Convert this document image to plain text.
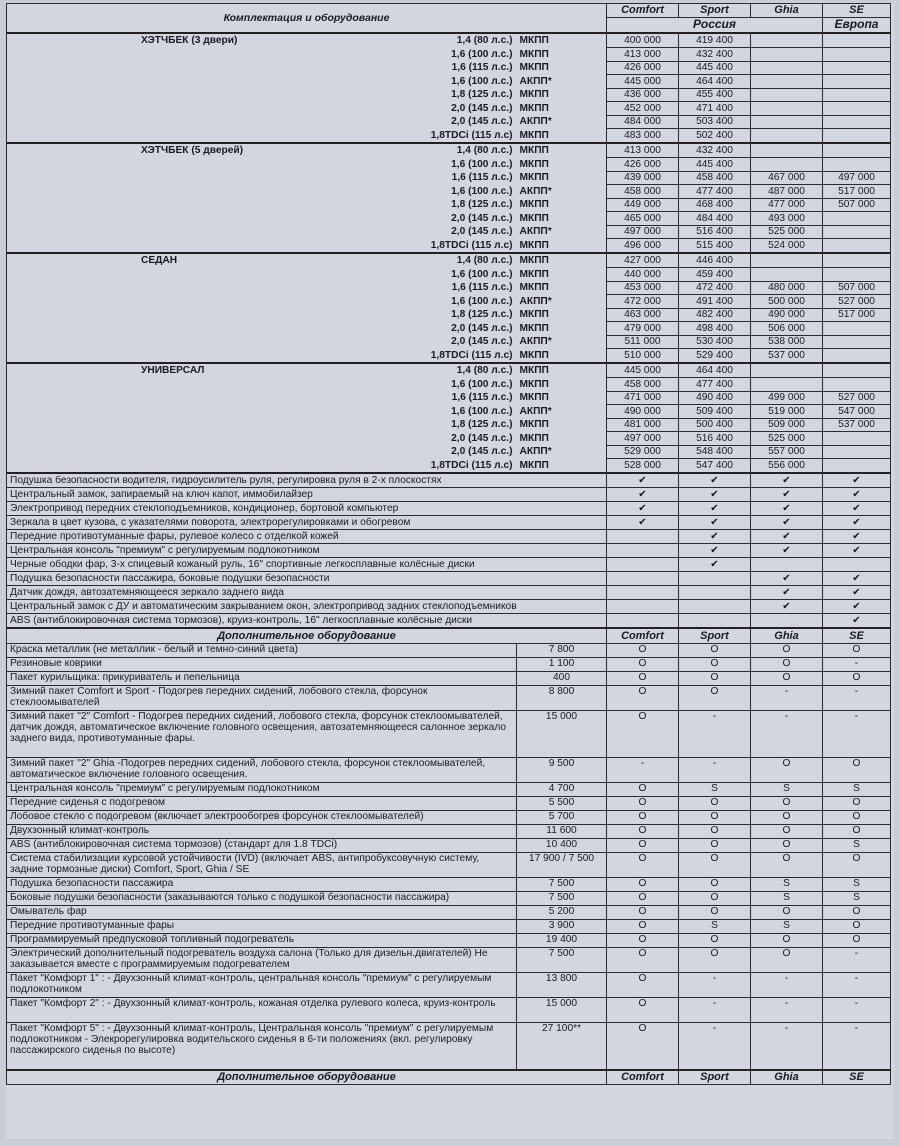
Комплектация и оборудование		Comfort	Sport	Ghia	SE
		Россия			Европа

ХЭТЧБЕК (3 двери) 1,4 (80 л.с.)	МКПП	400 000	419 400		

1,6 (100 л.с.)	МКПП	413 000	432 400		

1,6 (115 л.с.)	МКПП	426 000	445 400		

1,6 (100 л.с.)	АКПП*	445 000	464 400		

1,8 (125 л.с.)	МКПП	436 000	455 400		

2,0 (145 л.с.)	МКПП	452 000	471 400		

2,0 (145 л.с.)	АКПП*	484 000	503 400		

1,8TDCi (115 л.с)	МКПП	483 000	502 400		

ХЭТЧБЕК (5 дверей) 1,4 (80 л.с.)	МКПП	413 000	432 400		

1,6 (100 л.с.)	МКПП	426 000	445 400		

1,6 (115 л.с.)	МКПП	439 000	458 400	467 000	497 000

1,6 (100 л.с.)	АКПП*	458 000	477 400	487 000	517 000

1,8 (125 л.с.)	МКПП	449 000	468 400	477 000	507 000

2,0 (145 л.с.)	МКПП	465 000	484 400	493 000	

2,0 (145 л.с.)	АКПП*	497 000	516 400	525 000	

1,8TDCi (115 л.с)	МКПП	496 000	515 400	524 000	

СЕДАН 1,4 (80 л.с.)	МКПП	427 000	446 400		

1,6 (100 л.с.)	МКПП	440 000	459 400		

1,6 (115 л.с.)	МКПП	453 000	472 400	480 000	507 000

1,6 (100 л.с.)	АКПП*	472 000	491 400	500 000	527 000

1,8 (125 л.с.)	МКПП	463 000	482 400	490 000	517 000

2,0 (145 л.с.)	МКПП	479 000	498 400	506 000	

2,0 (145 л.с.)	АКПП*	511 000	530 400	538 000	

1,8TDCi (115 л.с)	МКПП	510 000	529 400	537 000	

УНИВЕРСАЛ 1,4 (80 л.с.)	МКПП	445 000	464 400		

1,6 (100 л.с.)	МКПП	458 000	477 400		

1,6 (115 л.с.)	МКПП	471 000	490 400	499 000	527 000

1,6 (100 л.с.)	АКПП*	490 000	509 400	519 000	547 000

1,8 (125 л.с.)	МКПП	481 000	500 400	509 000	537 000

2,0 (145 л.с.)	МКПП	497 000	516 400	525 000	

2,0 (145 л.с.)	АКПП*	529 000	548 400	557 000	

1,8TDCi (115 л.с)	МКПП	528 000	547 400	556 000	
Подушка безопасности водителя, гидроусилитель руля, регулировка руля в 2-х плоскостях		✔	✔	✔	✔
Центральный замок, запираемый на ключ капот, иммобилайзер		✔	✔	✔	✔
Электропривод передних стеклоподъемников, кондиционер, бортовой компьютер		✔	✔	✔	✔
Зеркала в цвет кузова, с указателями поворота, электрорегулировками и обогревом		✔	✔	✔	✔
Передние противотуманные фары, рулевое колесо с отделкой кожей			✔	✔	✔
Центральная консоль "премиум" с регулируемым подлокотником			✔	✔	✔
Черные ободки фар, 3-х спицевый кожаный руль, 16" спортивные легкосплавные колёсные диски			✔		
Подушка безопасности пассажира, боковые подушки безопасности				✔	✔
Датчик дождя, автозатемняющееся зеркало заднего вида				✔	✔
Центральный замок с ДУ и автоматическим закрыванием окон, электропривод задних стеклоподъемников				✔	✔
ABS (антиблокировочная система тормозов), круиз-контроль, 16" легкосплавные колёсные диски					✔
Дополнительное оборудование		Comfort	Sport	Ghia	SE
Краска металлик (не металлик - белый и темно-синий цвета)	7 800	O	O	O	O
Резиновые коврики	1 100	O	O	O	-
Пакет курильщика: прикуриватель и пепельница	400	O	O	O	O
Зимний пакет Comfort и Sport - Подогрев передних сидений, лобового стекла, форсунок стеклоомывателей	8 800	O	O	-	-
Зимний пакет "2" Comfort - Подогрев передних сидений, лобового стекла, форсунок стеклоомывателей, датчик дождя, автоматическое включение головного освещения, автозатемняющееся салонное зеркало заднего вида, противотуманные фары.	15 000	O	-	-	-
Зимний пакет "2" Ghia -Подогрев передних сидений, лобового стекла, форсунок стеклоомывателей, автоматическое включение головного освещения.	9 500	-	-	O	O
Центральная консоль "премиум" с регулируемым подлокотником	4 700	O	S	S	S
Передние сиденья с подогревом	5 500	O	O	O	O
Лобовое стекло с подогревом (включает электрообогрев форсунок стеклоомывателей)	5 700	O	O	O	O
Двухзонный климат-контроль	11 600	O	O	O	O
ABS (антиблокировочная система тормозов) (стандарт для 1.8 TDCi)	10 400	O	O	O	S
Система стабилизации курсовой устойчивости (IVD) (включает ABS, антипробуксовучную систему, задние тормозные диски) Comfort, Sport, Ghia / SE	17 900 / 7 500	O	O	O	O
Подушка безопасности пассажира	7 500	O	O	S	S
Боковые подушки безопасности (заказываются только с подушкой безопасности пассажира)	7 500	O	O	S	S
Омыватель фар	5 200	O	O	O	O
Передние противотуманные фары	3 900	O	S	S	O
Программируемый предпусковой топливный подогреватель	19 400	O	O	O	O
Электрический дополнительный подогреватель воздуха салона (Только для дизельн.двигателей) Не заказывается вместе с программируемым подогревателем	7 500	O	O	O	-
Пакет "Комфорт 1" : - Двухзонный климат-контроль, центральная консоль "премиум" с регулируемым подлокотником	13 800	O	-	-	-
Пакет "Комфорт 2" : - Двухзонный климат-контроль, кожаная отделка рулевого колеса, круиз-контроль	15 000	O	-	-	-
Пакет "Комфорт 5" : - Двухзонный климат-контроль, Центральная консоль "премиум" с регулируемым подлокотником - Элекрорегулировка водительского сиденья в 6-ти положениях (вкл. регулировку пассажирского сиденья по высоте)	27 100**	O	-	-	-
Дополнительное оборудование		Comfort	Sport	Ghia	SE
